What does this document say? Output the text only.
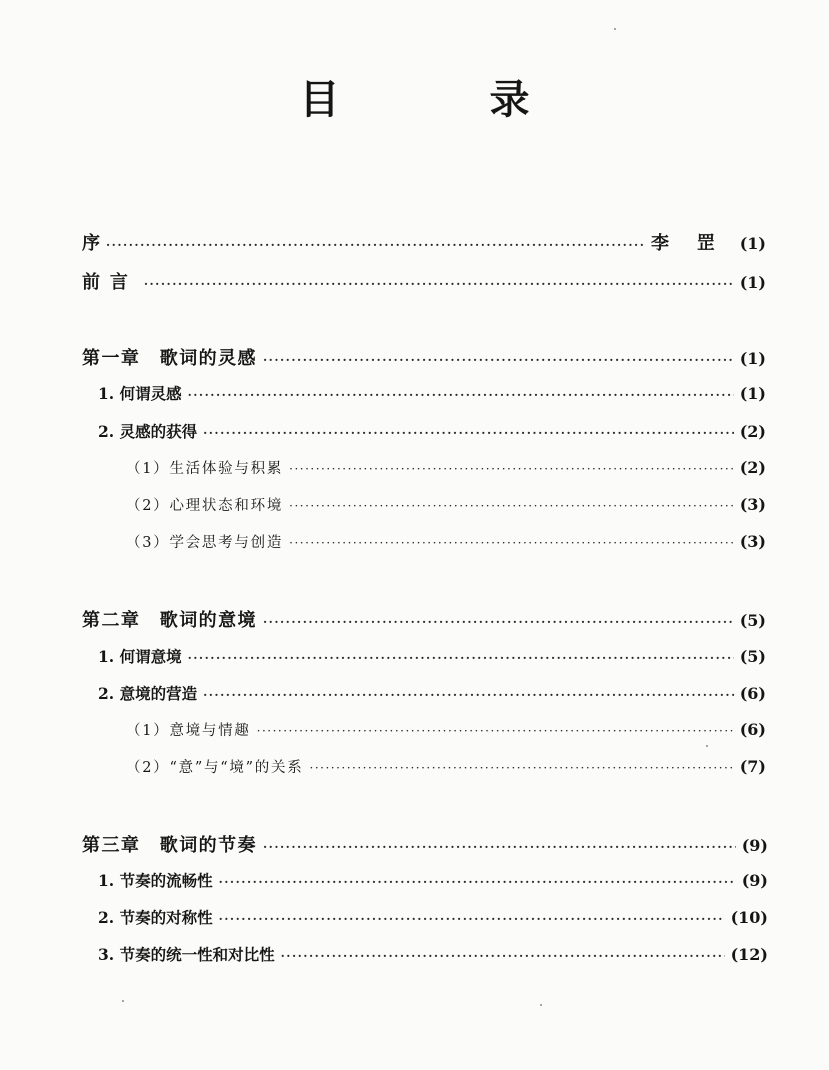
目 录
序 ·····	李 罡 (1)
前言 ·····	(1)
第一章　歌词的灵感 ·····	(1)
1. 何谓灵感 ·····	(1)
2. 灵感的获得 ·····	(2)
（1）生活体验与积累 ·····	(2)
（2）心理状态和环境 ·····	(3)
（3）学会思考与创造 ·····	(3)
第二章　歌词的意境 ·····	(5)
1. 何谓意境 ·····	(5)
2. 意境的营造 ·····	(6)
（1）意境与情趣 ·····	(6)
（2）“意”与“境”的关系 ·····	(7)
第三章　歌词的节奏 ·····	(9)
1. 节奏的流畅性 ·····	(9)
2. 节奏的对称性 ·····	(10)
3. 节奏的统一性和对比性 ·····	(12)
